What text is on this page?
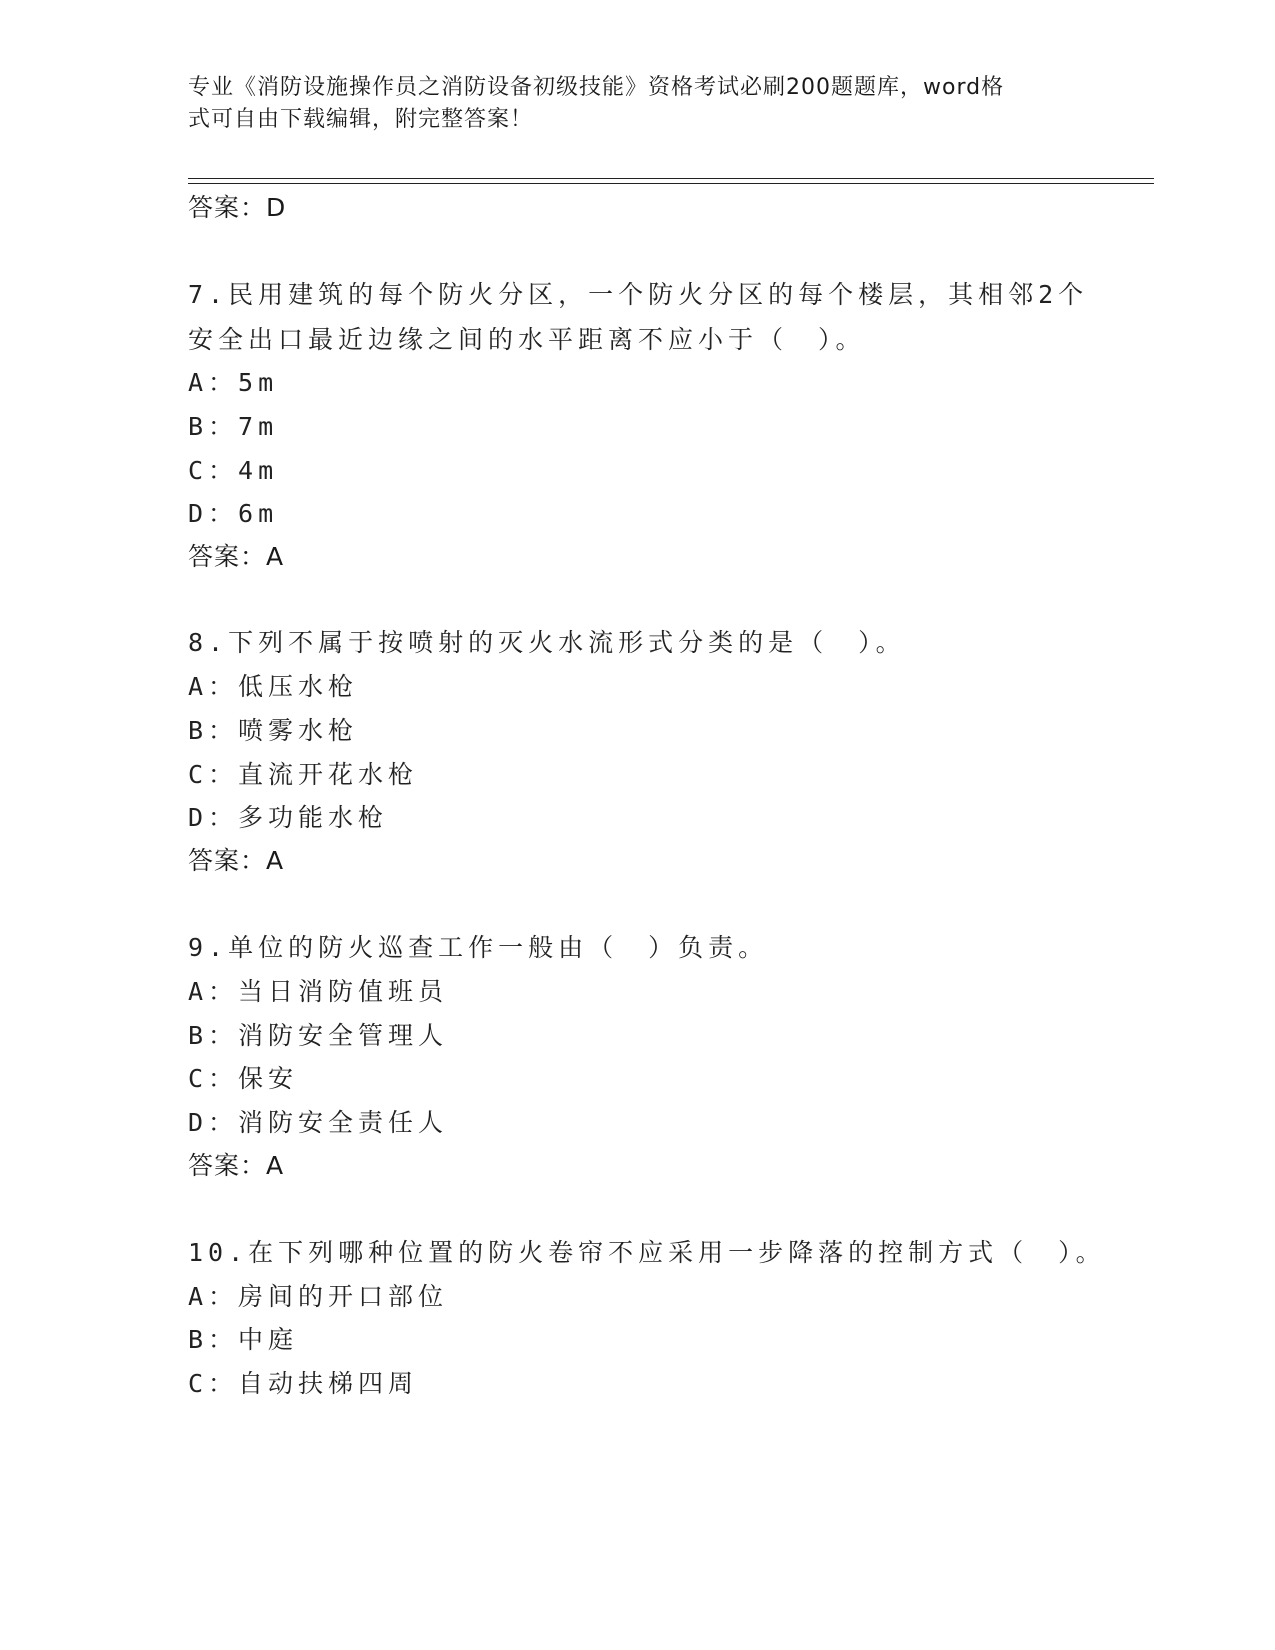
专业《消防设施操作员之消防设备初级技能》资格考试必刷200题题库，word格
式可自由下载编辑，附完整答案！
答案：D
7.民用建筑的每个防火分区，一个防火分区的每个楼层，其相邻2个
安全出口最近边缘之间的水平距离不应小于（　）。
A：5m
B：7m
C：4m
D：6m
答案：A
8.下列不属于按喷射的灭火水流形式分类的是（　）。
A：低压水枪
B：喷雾水枪
C：直流开花水枪
D：多功能水枪
答案：A
9.单位的防火巡查工作一般由（　）负责。
A：当日消防值班员
B：消防安全管理人
C：保安
D：消防安全责任人
答案：A
10.在下列哪种位置的防火卷帘不应采用一步降落的控制方式（　）。
A：房间的开口部位
B：中庭
C：自动扶梯四周
